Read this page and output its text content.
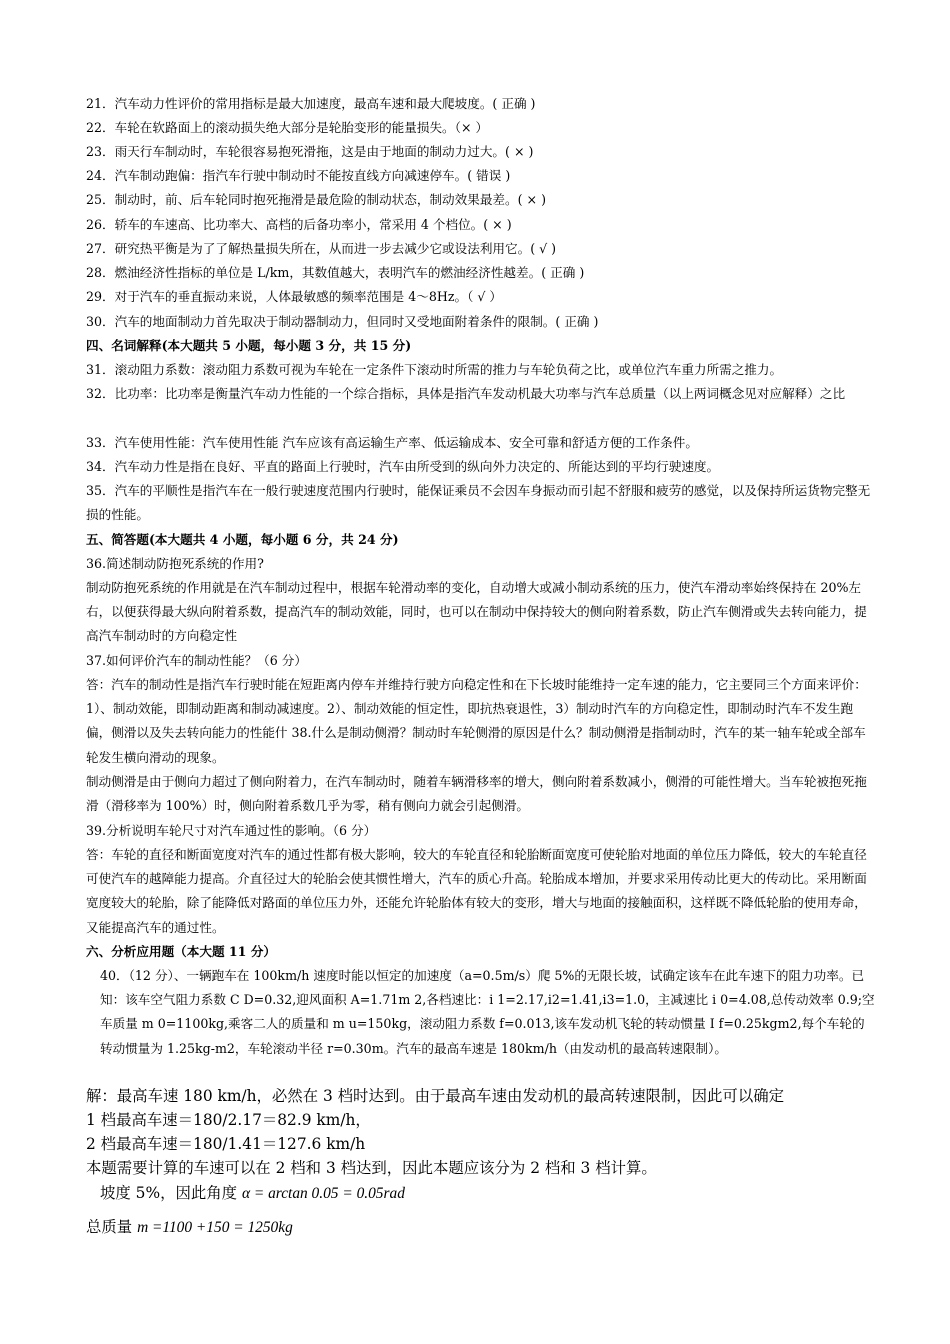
21．汽车动力性评价的常用指标是最大加速度，最高车速和最大爬坡度。( 正确 )
22．车轮在软路面上的滚动损失绝大部分是轮胎变形的能量损失。（× ）
23．雨天行车制动时，车轮很容易抱死滑拖，这是由于地面的制动力过大。( × )
24．汽车制动跑偏：指汽车行驶中制动时不能按直线方向减速停车。( 错误 )
25．制动时，前、后车轮同时抱死拖滑是最危险的制动状态，制动效果最差。( × )
26．轿车的车速高、比功率大、高档的后备功率小，常采用 4 个档位。( × )
27．研究热平衡是为了了解热量损失所在，从而进一步去减少它或设法利用它。( √ )
28．燃油经济性指标的单位是 L/km，其数值越大，表明汽车的燃油经济性越差。( 正确 )
29．对于汽车的垂直振动来说，人体最敏感的频率范围是 4～8Hz。（ √ ）
30．汽车的地面制动力首先取决于制动器制动力，但同时又受地面附着条件的限制。( 正确 )
四、名词解释(本大题共 5 小题，每小题 3 分，共 15 分)
31．滚动阻力系数：滚动阻力系数可视为车轮在一定条件下滚动时所需的推力与车轮负荷之比，或单位汽车重力所需之推力。
32．比功率：比功率是衡量汽车动力性能的一个综合指标，具体是指汽车发动机最大功率与汽车总质量（以上两词概念见对应解释）之比
33．汽车使用性能：汽车使用性能 汽车应该有高运输生产率、低运输成本、安全可靠和舒适方便的工作条件。
34．汽车动力性是指在良好、平直的路面上行驶时，汽车由所受到的纵向外力决定的、所能达到的平均行驶速度。
35．汽车的平顺性是指汽车在一般行驶速度范围内行驶时，能保证乘员不会因车身振动而引起不舒服和疲劳的感觉，以及保持所运货物完整无损的性能。
五、简答题(本大题共 4 小题，每小题 6 分，共 24 分)
36.简述制动防抱死系统的作用?
制动防抱死系统的作用就是在汽车制动过程中，根据车轮滑动率的变化，自动增大或减小制动系统的压力，使汽车滑动率始终保持在 20%左右，以便获得最大纵向附着系数，提高汽车的制动效能，同时，也可以在制动中保持较大的侧向附着系数，防止汽车侧滑或失去转向能力，提高汽车制动时的方向稳定性
37.如何评价汽车的制动性能？（6 分）
答：汽车的制动性是指汽车行驶时能在短距离内停车并维持行驶方向稳定性和在下长坡时能维持一定车速的能力，它主要同三个方面来评价：1）、制动效能，即制动距离和制动减速度。2）、制动效能的恒定性，即抗热衰退性，3）制动时汽车的方向稳定性，即制动时汽车不发生跑偏，侧滑以及失去转向能力的性能什 38.什么是制动侧滑？制动时车轮侧滑的原因是什么？制动侧滑是指制动时，汽车的某一轴车轮或全部车轮发生横向滑动的现象。
制动侧滑是由于侧向力超过了侧向附着力，在汽车制动时，随着车辆滑移率的增大，侧向附着系数减小，侧滑的可能性增大。当车轮被抱死拖滑（滑移率为 100%）时，侧向附着系数几乎为零，稍有侧向力就会引起侧滑。
39.分析说明车轮尺寸对汽车通过性的影响。（6 分）
答：车轮的直径和断面宽度对汽车的通过性都有极大影响，较大的车轮直径和轮胎断面宽度可使轮胎对地面的单位压力降低，较大的车轮直径可使汽车的越障能力提高。介直径过大的轮胎会使其惯性增大，汽车的质心升高。轮胎成本增加，并要求采用传动比更大的传动比。采用断面宽度较大的轮胎，除了能降低对路面的单位压力外，还能允许轮胎体有较大的变形，增大与地面的接触面积，这样既不降低轮胎的使用寿命，又能提高汽车的通过性。
六、分析应用题（本大题 11 分）
40．（12 分）、一辆跑车在 100km/h 速度时能以恒定的加速度（a=0.5m/s）爬 5%的无限长坡，试确定该车在此车速下的阻力功率。已知：该车空气阻力系数 C D=0.32,迎风面积 A=1.71m 2,各档速比：i 1=2.17,i2=1.41,i3=1.0，主减速比 i 0=4.08,总传动效率 0.9;空车质量 m 0=1100kg,乘客二人的质量和 m u=150kg，滚动阻力系数 f=0.013,该车发动机飞轮的转动惯量 I f=0.25kgm2,每个车轮的转动惯量为 1.25kg-m2，车轮滚动半径 r=0.30m。汽车的最高车速是 180km/h（由发动机的最高转速限制）。
解：最高车速 180 km/h，必然在 3 档时达到。由于最高车速由发动机的最高转速限制，因此可以确定
1 档最高车速＝180/2.17＝82.9 km/h，
2 档最高车速＝180/1.41＝127.6 km/h
本题需要计算的车速可以在 2 档和 3 档达到，因此本题应该分为 2 档和 3 档计算。
坡度 5%，因此角度 α = arctan 0.05 = 0.05rad
总质量 m =1100 +150 = 1250kg
